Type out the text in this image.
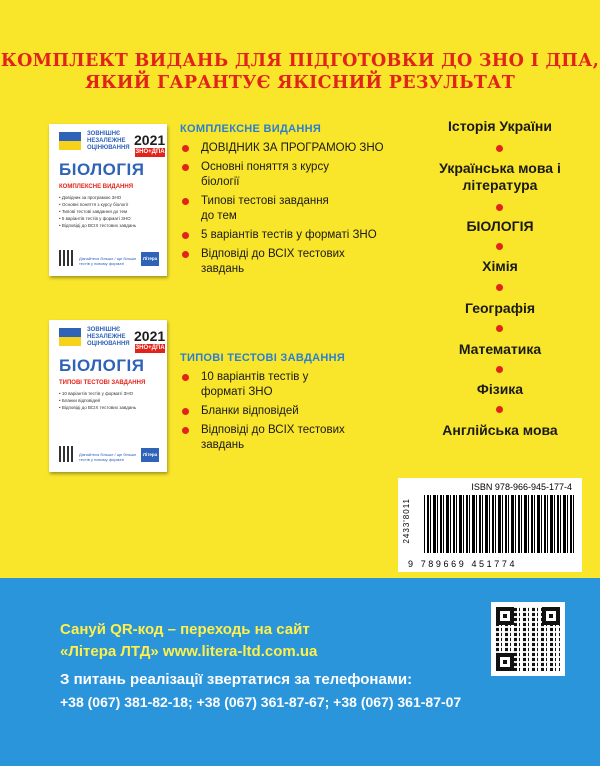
КОМПЛЕКТ ВИДАНЬ ДЛЯ ПІДГОТОВКИ ДО ЗНО І ДПА,
ЯКИЙ ГАРАНТУЄ ЯКІСНИЙ РЕЗУЛЬТАТ
ЗОВНІШНЄ
НЕЗАЛЕЖНЕ
ОЦІНЮВАННЯ 2021
ЗНО+ДПА
БІОЛОГІЯ
КОМПЛЕКСНЕ ВИДАННЯ
• Довідник за програмою ЗНО
• Основні поняття з курсу біології
• Типові тестові завдання до тем
• 5 варіантів тестів у форматі ЗНО
• Відповіді до ВСІХ тестових завдань
Дізнайтеся більше / ще більше тестів у новому форматі
Літера
ЗОВНІШНЄ
НЕЗАЛЕЖНЕ
ОЦІНЮВАННЯ 2021
ЗНО+ДПА
БІОЛОГІЯ
ТИПОВІ ТЕСТОВІ ЗАВДАННЯ
• 10 варіантів тестів у форматі ЗНО
• Бланки відповідей
• Відповіді до ВСІХ тестових завдань
Дізнайтеся більше / ще більше тестів у новому форматі
Літера
КОМПЛЕКСНЕ ВИДАННЯ
ДОВІДНИК ЗА ПРОГРАМОЮ ЗНО
Основні поняття з курсу біології
Типові тестові завдання до тем
5 варіантів тестів у форматі ЗНО
Відповіді до ВСІХ тестових завдань
ТИПОВІ ТЕСТОВІ ЗАВДАННЯ
10 варіантів тестів у форматі ЗНО
Бланки відповідей
Відповіді до ВСІХ тестових завдань
Історія України
Українська мова і література
БІОЛОГІЯ
Хімія
Географія
Математика
Фізика
Англійська мова
ISBN 978-966-945-177-4
2433'8011
9 789669 451774
Сануй QR-код – переходь на сайт
«Літера ЛТД» www.litera-ltd.com.ua
З питань реалізації звертатися за телефонами:
+38 (067) 381-82-18; +38 (067) 361-87-67; +38 (067) 361-87-07
